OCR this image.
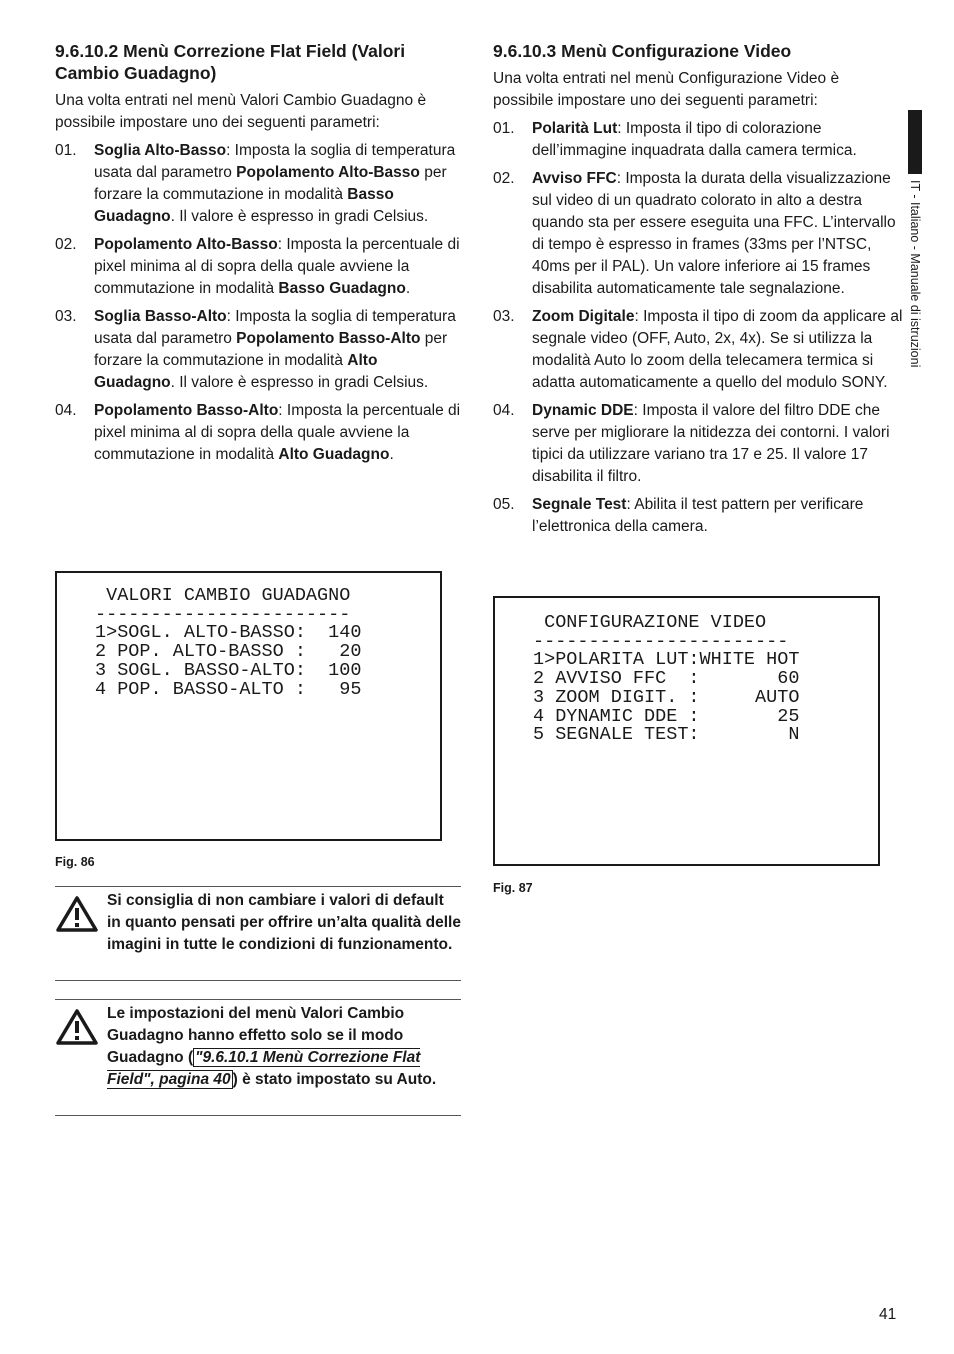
9.6.10.2 Menù Correzione Flat Field (Valori Cambio Guadagno)

Una volta entrati nel menù Valori Cambio Guadagno è possibile impostare uno dei seguenti parametri:

01.	Soglia Alto-Basso: Imposta la soglia di temperatura usata dal parametro Popolamento Alto-Basso per forzare la commutazione in modalità Basso Guadagno. Il valore è espresso in gradi Celsius.
02.	Popolamento Alto-Basso: Imposta la percentuale di pixel minima al di sopra della quale avviene la commutazione in modalità Basso Guadagno.
03.	Soglia Basso-Alto: Imposta la soglia di temperatura usata dal parametro Popolamento Basso-Alto per forzare la commutazione in modalità Alto Guadagno. Il valore è espresso in gradi Celsius.
04.	Popolamento Basso-Alto: Imposta la percentuale di pixel minima al di sopra della quale avviene la commutazione in modalità Alto Guadagno.
VALORI CAMBIO GUADAGNO
-----------------------
1>SOGL. ALTO-BASSO:  140
2 POP. ALTO-BASSO :   20
3 SOGL. BASSO-ALTO:  100
4 POP. BASSO-ALTO :   95
Fig. 86
Si consiglia di non cambiare i valori di default in quanto pensati per offrire un’alta qualità delle imagini in tutte le condizioni di funzionamento.
Le impostazioni del menù Valori Cambio Guadagno hanno effetto solo se il modo Guadagno ( "9.6.10.1 Menù Correzione Flat Field", pagina 40 ) è stato impostato su Auto.
9.6.10.3 Menù Configurazione Video

Una volta entrati nel menù Configurazione Video è possibile impostare uno dei seguenti parametri:

01.	Polarità Lut: Imposta il tipo di colorazione dell’immagine inquadrata dalla camera termica.
02.	Avviso FFC: Imposta la durata della visualizzazione sul video di un quadrato colorato in alto a destra quando sta per essere eseguita una FFC. L’intervallo di tempo è espresso in frames (33ms per l’NTSC, 40ms per il PAL). Un valore inferiore ai 15 frames disabilita automaticamente tale segnalazione.
03.	Zoom Digitale: Imposta il tipo di zoom da applicare al segnale video (OFF, Auto, 2x, 4x). Se si utilizza la modalità Auto lo zoom della telecamera termica si adatta automaticamente a quello del modulo SONY.
04.	Dynamic DDE: Imposta il valore del filtro DDE che serve per migliorare la nitidezza dei contorni. I valori tipici da utilizzare variano tra 17 e 25. Il valore 17 disabilita il filtro.
05.	Segnale Test: Abilita il test pattern per verificare l’elettronica della camera.
CONFIGURAZIONE VIDEO
-----------------------
1>POLARITA LUT:WHITE HOT
2 AVVISO FFC  :       60
3 ZOOM DIGIT. :     AUTO
4 DYNAMIC DDE :       25
5 SEGNALE TEST:        N
Fig. 87
IT - Italiano - Manuale di istruzioni
41
